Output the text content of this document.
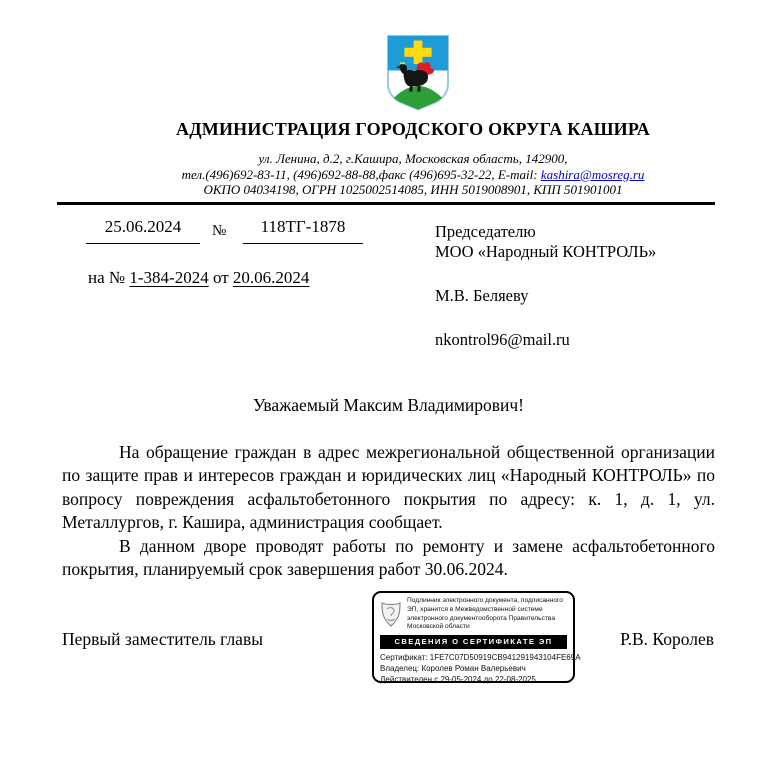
АДМИНИСТРАЦИЯ ГОРОДСКОГО ОКРУГА КАШИРА
ул. Ленина, д.2, г.Кашира, Московская область, 142900,
тел.(496)692-83-11, (496)692-88-88,факс (496)695-32-22, E-mail: kashira@mosreg.ru
ОКПО 04034198, ОГРН 1025002514085, ИНН 5019008901, КПП 501901001
25.06.2024	№	118ТГ-1878
на № 1-384-2024 от 20.06.2024
Председателю
МОО «Народный КОНТРОЛЬ»
М.В. Беляеву
nkontrol96@mail.ru
Уважаемый Максим Владимирович!

На обращение граждан в адрес межрегиональной общественной организации по защите прав и интересов граждан и юридических лиц «Народный КОНТРОЛЬ» по вопросу повреждения асфальтобетонного покрытия по адресу: к. 1, д. 1, ул. Металлургов, г. Кашира, администрация сообщает.

В данном дворе проводят работы по ремонту и замене асфальтобетонного покрытия, планируемый срок завершения работ 30.06.2024.

Первый заместитель главы	Р.В. Королев
Подлинник электронного документа, подписанного ЭП, хранится в Межведомственной системе электронного документооборота Правительства Московской области
СВЕДЕНИЯ О СЕРТИФИКАТЕ ЭП
Сертификат: 1FE7C07D50919CB941291943104FE69A
Владелец: Королев Роман Валерьевич
Действителен с 29-05-2024 до 22-08-2025
